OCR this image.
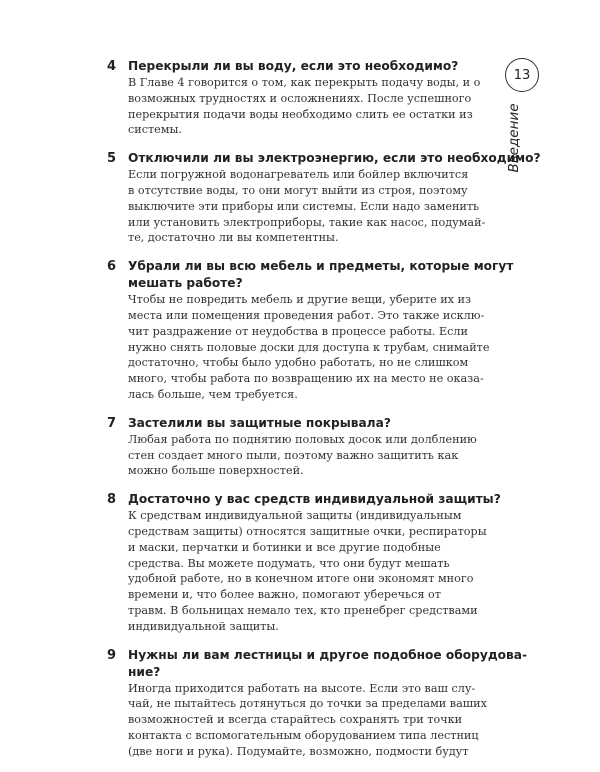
13
Введение
4 Перекрыли ли вы воду, если это необходимо?
В Главе 4 говорится о том, как перекрыть подачу воды, и о
возможных трудностях и осложнениях. После успешного
перекрытия подачи воды необходимо слить ее остатки из
системы.
5 Отключили ли вы электроэнергию, если это необходимо?
Если погружной водонагреватель или бойлер включится
в отсутствие воды, то они могут выйти из строя, поэтому
выключите эти приборы или системы. Если надо заменить
или установить электроприборы, такие как насос, подумай-
те, достаточно ли вы компетентны.
6 Убрали ли вы всю мебель и предметы, которые могут
мешать работе?
Чтобы не повредить мебель и другие вещи, уберите их из
места или помещения проведения работ. Это также исклю-
чит раздражение от неудобства в процессе работы. Если
нужно снять половые доски для доступа к трубам, снимайте
достаточно, чтобы было удобно работать, но не слишком
много, чтобы работа по возвращению их на место не оказа-
лась больше, чем требуется.
7 Застелили вы защитные покрывала?
Любая работа по поднятию половых досок или долблению
стен создает много пыли, поэтому важно защитить как
можно больше поверхностей.
8 Достаточно у вас средств индивидуальной защиты?
К средствам индивидуальной защиты (индивидуальным
средствам защиты) относятся защитные очки, респираторы
и маски, перчатки и ботинки и все другие подобные
средства. Вы можете подумать, что они будут мешать
удобной работе, но в конечном итоге они экономят много
времени и, что более важно, помогают уберечься от
травм. В больницах немало тех, кто пренебрег средствами
индивидуальной защиты.
9 Нужны ли вам лестницы и другое подобное оборудова-
ние?
Иногда приходится работать на высоте. Если это ваш слу-
чай, не пытайтесь дотянуться до точки за пределами ваших
возможностей и всегда старайтесь сохранять три точки
контакта с вспомогательным оборудованием типа лестниц
(две ноги и рука). Подумайте, возможно, подмости будут
